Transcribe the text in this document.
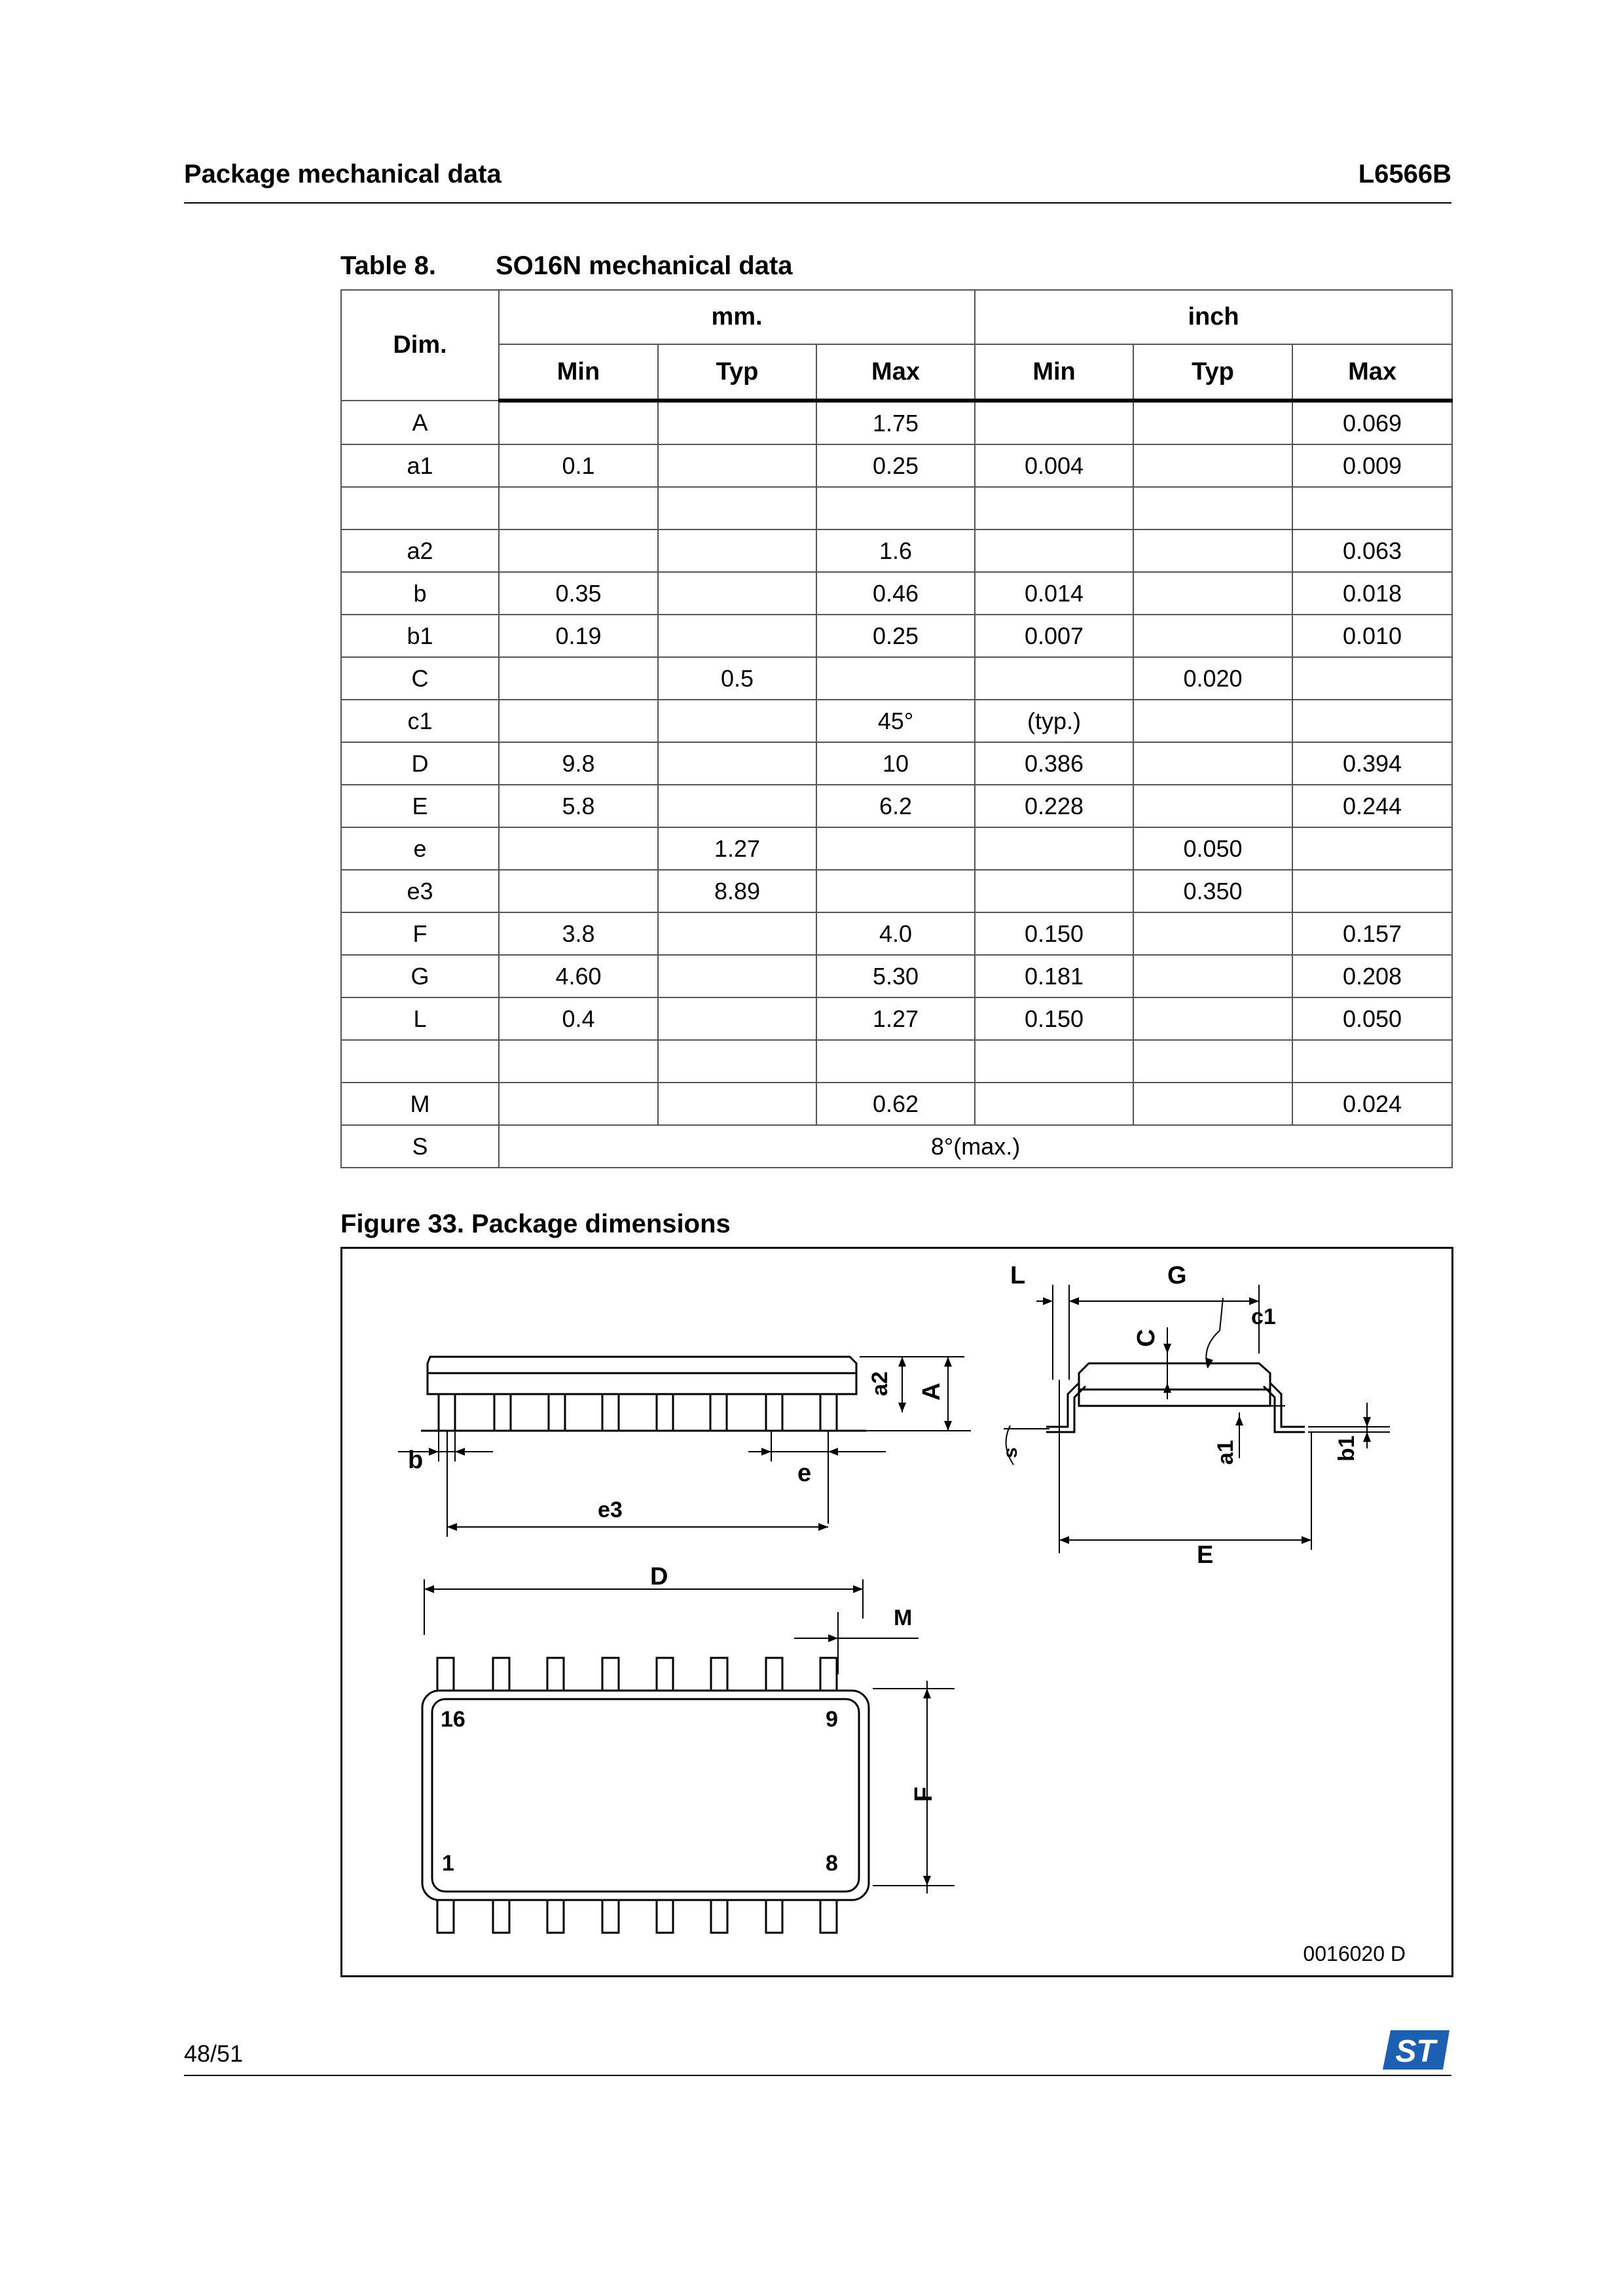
Package mechanical data	L6566B
Table 8. SO16N mechanical data
Dim.	mm.			inch		
	Min	Typ	Max	Min	Typ	Max
A			1.75			0.069
a1	0.1		0.25	0.004		0.009

a2			1.6			0.063
b	0.35		0.46	0.014		0.018
b1	0.19		0.25	0.007		0.010
C		0.5			0.020	
c1			45°	(typ.)		
D	9.8		10	0.386		0.394
E	5.8		6.2	0.228		0.244
e		1.27			0.050	
e3		8.89			0.350	
F	3.8		4.0	0.150		0.157
G	4.60		5.30	0.181		0.208
L	0.4		1.27	0.150		0.050

M			0.62			0.024
S	8°(max.)					
Figure 33. Package dimensions
b	e
e3
D
M
L	G
c1
E
a2 A
C
a1	b1
s
F
16	9
1	8
0016020 D
48/51	ST
